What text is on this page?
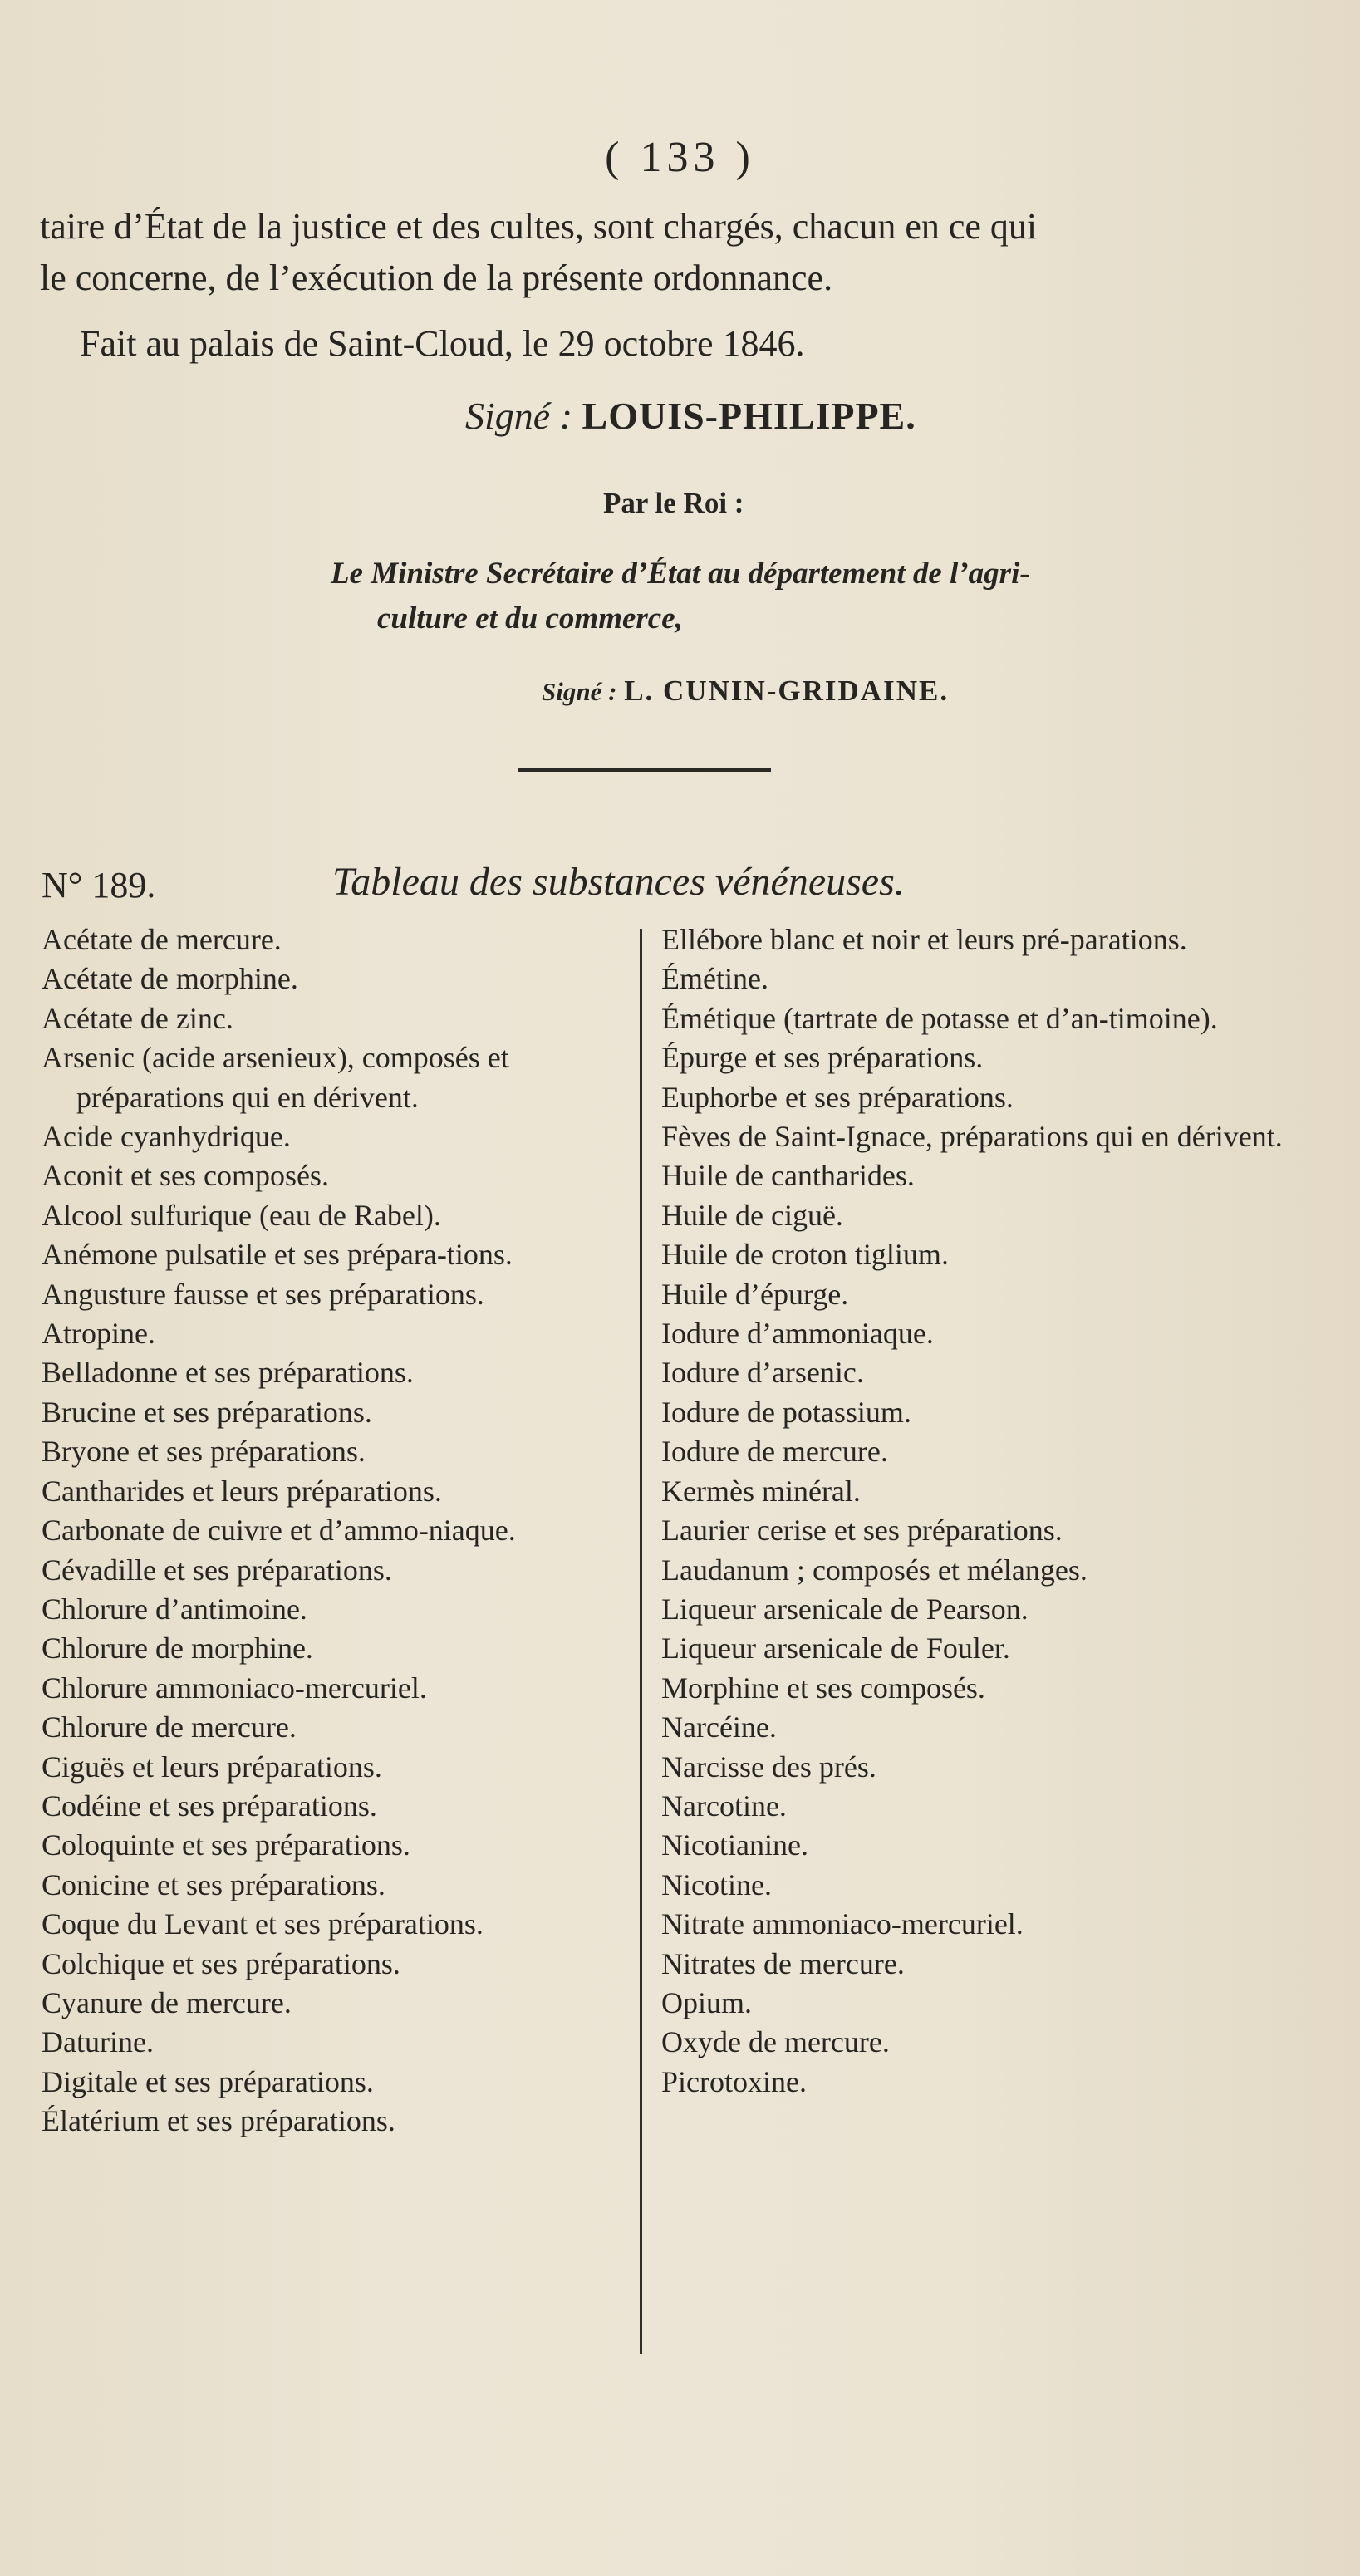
( 133 )
taire d’État de la justice et des cultes, sont chargés, chacun en ce qui
le concerne, de l’exécution de la présente ordonnance.
Fait au palais de Saint-Cloud, le 29 octobre 1846.
Signé : LOUIS-PHILIPPE.
Par le Roi :
Le Ministre Secrétaire d’État au département de l’agri-
culture et du commerce,
Signé : L. CUNIN-GRIDAINE.
N° 189.	Tableau des substances vénéneuses.
Acétate de mercure.
Acétate de morphine.
Acétate de zinc.
Arsenic (acide arsenieux), composés et préparations qui en dérivent.
Acide cyanhydrique.
Aconit et ses composés.
Alcool sulfurique (eau de Rabel).
Anémone pulsatile et ses prépara-tions.
Angusture fausse et ses préparations.
Atropine.
Belladonne et ses préparations.
Brucine et ses préparations.
Bryone et ses préparations.
Cantharides et leurs préparations.
Carbonate de cuivre et d’ammo-niaque.
Cévadille et ses préparations.
Chlorure d’antimoine.
Chlorure de morphine.
Chlorure ammoniaco-mercuriel.
Chlorure de mercure.
Ciguës et leurs préparations.
Codéine et ses préparations.
Coloquinte et ses préparations.
Conicine et ses préparations.
Coque du Levant et ses préparations.
Colchique et ses préparations.
Cyanure de mercure.
Daturine.
Digitale et ses préparations.
Élatérium et ses préparations.
Ellébore blanc et noir et leurs pré-parations.
Émétine.
Émétique (tartrate de potasse et d’an-timoine).
Épurge et ses préparations.
Euphorbe et ses préparations.
Fèves de Saint-Ignace, préparations qui en dérivent.
Huile de cantharides.
Huile de ciguë.
Huile de croton tiglium.
Huile d’épurge.
Iodure d’ammoniaque.
Iodure d’arsenic.
Iodure de potassium.
Iodure de mercure.
Kermès minéral.
Laurier cerise et ses préparations.
Laudanum ; composés et mélanges.
Liqueur arsenicale de Pearson.
Liqueur arsenicale de Fouler.
Morphine et ses composés.
Narcéine.
Narcisse des prés.
Narcotine.
Nicotianine.
Nicotine.
Nitrate ammoniaco-mercuriel.
Nitrates de mercure.
Opium.
Oxyde de mercure.
Picrotoxine.
